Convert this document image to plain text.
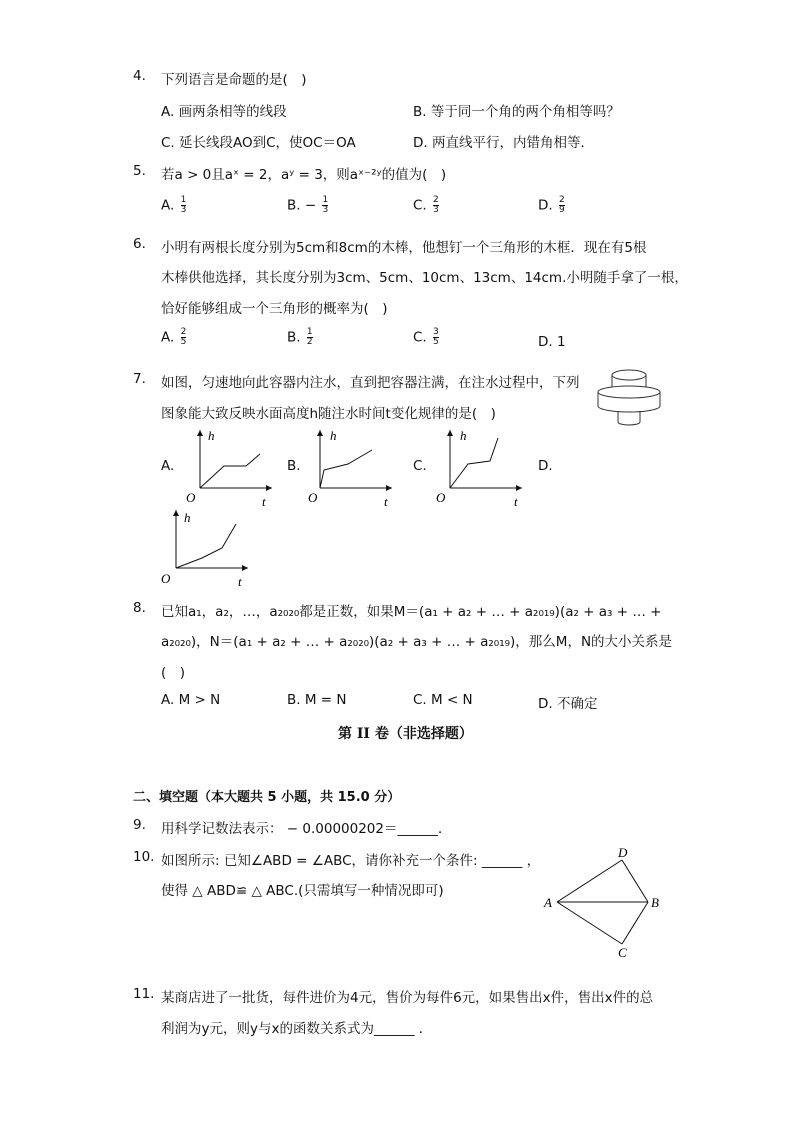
4. 下列语言是命题的是(　)
A. 画两条相等的线段	B. 等于同一个角的两个角相等吗？
C. 延长线段AO到C，使OC＝OA	D. 两直线平行，内错角相等．
5. 若a > 0且aˣ = 2，aʸ = 3，则aˣ⁻²ʸ的值为(　)
A. $\frac{1}{3}$	B. − $\frac{1}{3}$	C. $\frac{2}{3}$	D. $\frac{2}{9}$
6. 小明有两根长度分别为5cm和8cm的木棒，他想钉一个三角形的木框．现在有5根
木棒供他选择，其长度分别为3cm、5cm、10cm、13cm、14cm.小明随手拿了一根，
恰好能够组成一个三角形的概率为(　)
A. $\frac{2}{5}$	B. $\frac{1}{2}$	C. $\frac{3}{5}$	D. 1
7. 如图，匀速地向此容器内注水，直到把容器注满，在注水过程中，下列
图象能大致反映水面高度h随注水时间t变化规律的是(　)
A.	B.	C.	D.
h
t
O
h
t
O
h
t
O
h
t
O
8. 已知a₁，a₂，…，a₂₀₂₀都是正数，如果M＝(a₁ + a₂ + … + a₂₀₁₉)(a₂ + a₃ + … +
a₂₀₂₀)，N＝(a₁ + a₂ + … + a₂₀₂₀)(a₂ + a₃ + … + a₂₀₁₉)，那么M，N的大小关系是
(　)
A. M > N	B. M = N	C. M < N	D. 不确定
第 II 卷（非选择题）
二、填空题（本大题共 5 小题，共 15.0 分）
9. 用科学记数法表示： − 0.00000202＝______．
10. 如图所示: 已知∠ABD = ∠ABC，请你补充一个条件: ______ ，
使得 △ ABD≌ △ ABC.(只需填写一种情况即可)
A	B
C
D
11. 某商店进了一批货，每件进价为4元，售价为每件6元，如果售出x件，售出x件的总
利润为y元，则y与x的函数关系式为______ ．
